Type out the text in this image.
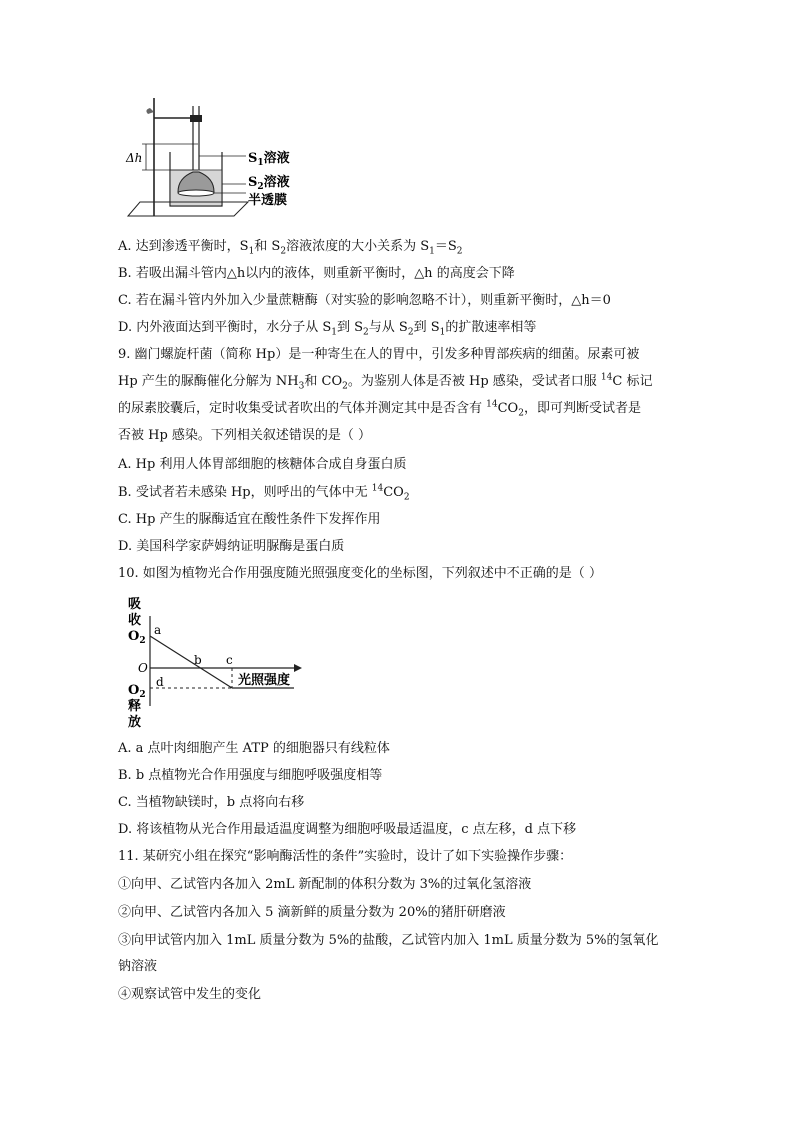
Δh	$S_1$溶液
$S_2$溶液
半透膜
A. 达到渗透平衡时，$S_1$和 $S_2$溶液浓度的大小关系为 $S_1=S_2$
B. 若吸出漏斗管内△h以内的液体，则重新平衡时，△h 的高度会下降
C. 若在漏斗管内外加入少量蔗糖酶（对实验的影响忽略不计），则重新平衡时，△h＝0
D. 内外液面达到平衡时，水分子从 $S_1$到 $S_2$与从 $S_2$到 $S_1$的扩散速率相等
9. 幽门螺旋杆菌（简称 Hp）是一种寄生在人的胃中，引发多种胃部疾病的细菌。尿素可被
Hp 产生的脲酶催化分解为 $NH_3$和 $CO_2$。为鉴别人体是否被 Hp 感染，受试者口服 $^{14}$C 标记
的尿素胶囊后，定时收集受试者吹出的气体并测定其中是否含有 $^{14}CO_2$，即可判断受试者是
否被 Hp 感染。下列相关叙述错误的是（ ）
A. Hp 利用人体胃部细胞的核糖体合成自身蛋白质
B. 受试者若未感染 Hp，则呼出的气体中无 $^{14}CO_2$
C. Hp 产生的脲酶适宜在酸性条件下发挥作用
D. 美国科学家萨姆纳证明脲酶是蛋白质
10. 如图为植物光合作用强度随光照强度变化的坐标图，下列叙述中不正确的是（ ）
吸
收
$O_2$
O
$O_2$
释
放
a
b c
d	光照强度
A. a 点叶肉细胞产生 ATP 的细胞器只有线粒体
B. b 点植物光合作用强度与细胞呼吸强度相等
C. 当植物缺镁时，b 点将向右移
D. 将该植物从光合作用最适温度调整为细胞呼吸最适温度，c 点左移，d 点下移
11. 某研究小组在探究“影响酶活性的条件”实验时，设计了如下实验操作步骤：
①向甲、乙试管内各加入 2mL 新配制的体积分数为 3%的过氧化氢溶液
②向甲、乙试管内各加入 5 滴新鲜的质量分数为 20%的猪肝研磨液
③向甲试管内加入 1mL 质量分数为 5%的盐酸，乙试管内加入 1mL 质量分数为 5%的氢氧化
钠溶液
④观察试管中发生的变化
